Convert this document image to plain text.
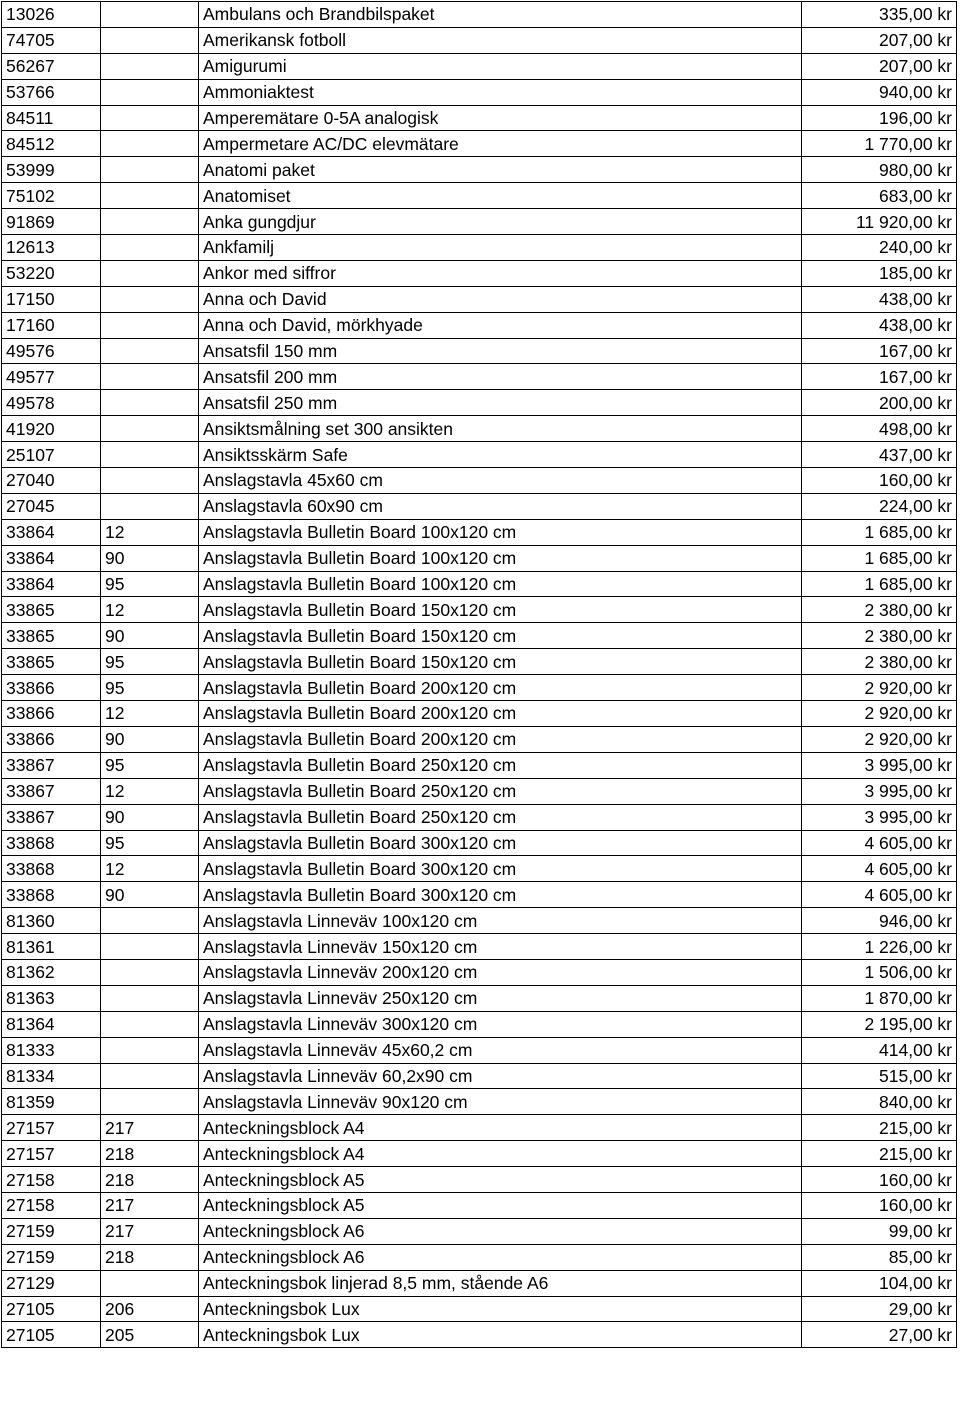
13026		Ambulans och Brandbilspaket	335,00 kr
74705		Amerikansk fotboll	207,00 kr
56267		Amigurumi	207,00 kr
53766		Ammoniaktest	940,00 kr
84511		Amperemätare 0-5A analogisk	196,00 kr
84512		Ampermetare AC/DC elevmätare	1 770,00 kr
53999		Anatomi paket	980,00 kr
75102		Anatomiset	683,00 kr
91869		Anka gungdjur	11 920,00 kr
12613		Ankfamilj	240,00 kr
53220		Ankor med siffror	185,00 kr
17150		Anna och David	438,00 kr
17160		Anna och David, mörkhyade	438,00 kr
49576		Ansatsfil 150 mm	167,00 kr
49577		Ansatsfil 200 mm	167,00 kr
49578		Ansatsfil 250 mm	200,00 kr
41920		Ansiktsmålning set 300 ansikten	498,00 kr
25107		Ansiktsskärm Safe	437,00 kr
27040		Anslagstavla 45x60 cm	160,00 kr
27045		Anslagstavla 60x90 cm	224,00 kr
33864	12	Anslagstavla Bulletin Board 100x120 cm	1 685,00 kr
33864	90	Anslagstavla Bulletin Board 100x120 cm	1 685,00 kr
33864	95	Anslagstavla Bulletin Board 100x120 cm	1 685,00 kr
33865	12	Anslagstavla Bulletin Board 150x120 cm	2 380,00 kr
33865	90	Anslagstavla Bulletin Board 150x120 cm	2 380,00 kr
33865	95	Anslagstavla Bulletin Board 150x120 cm	2 380,00 kr
33866	95	Anslagstavla Bulletin Board 200x120 cm	2 920,00 kr
33866	12	Anslagstavla Bulletin Board 200x120 cm	2 920,00 kr
33866	90	Anslagstavla Bulletin Board 200x120 cm	2 920,00 kr
33867	95	Anslagstavla Bulletin Board 250x120 cm	3 995,00 kr
33867	12	Anslagstavla Bulletin Board 250x120 cm	3 995,00 kr
33867	90	Anslagstavla Bulletin Board 250x120 cm	3 995,00 kr
33868	95	Anslagstavla Bulletin Board 300x120 cm	4 605,00 kr
33868	12	Anslagstavla Bulletin Board 300x120 cm	4 605,00 kr
33868	90	Anslagstavla Bulletin Board 300x120 cm	4 605,00 kr
81360		Anslagstavla Linneväv 100x120 cm	946,00 kr
81361		Anslagstavla Linneväv 150x120 cm	1 226,00 kr
81362		Anslagstavla Linneväv 200x120 cm	1 506,00 kr
81363		Anslagstavla Linneväv 250x120 cm	1 870,00 kr
81364		Anslagstavla Linneväv 300x120 cm	2 195,00 kr
81333		Anslagstavla Linneväv 45x60,2 cm	414,00 kr
81334		Anslagstavla Linneväv 60,2x90 cm	515,00 kr
81359		Anslagstavla Linneväv 90x120 cm	840,00 kr
27157	217	Anteckningsblock A4	215,00 kr
27157	218	Anteckningsblock A4	215,00 kr
27158	218	Anteckningsblock A5	160,00 kr
27158	217	Anteckningsblock A5	160,00 kr
27159	217	Anteckningsblock A6	99,00 kr
27159	218	Anteckningsblock A6	85,00 kr
27129		Anteckningsbok linjerad 8,5 mm, stående A6	104,00 kr
27105	206	Anteckningsbok Lux	29,00 kr
27105	205	Anteckningsbok Lux	27,00 kr
